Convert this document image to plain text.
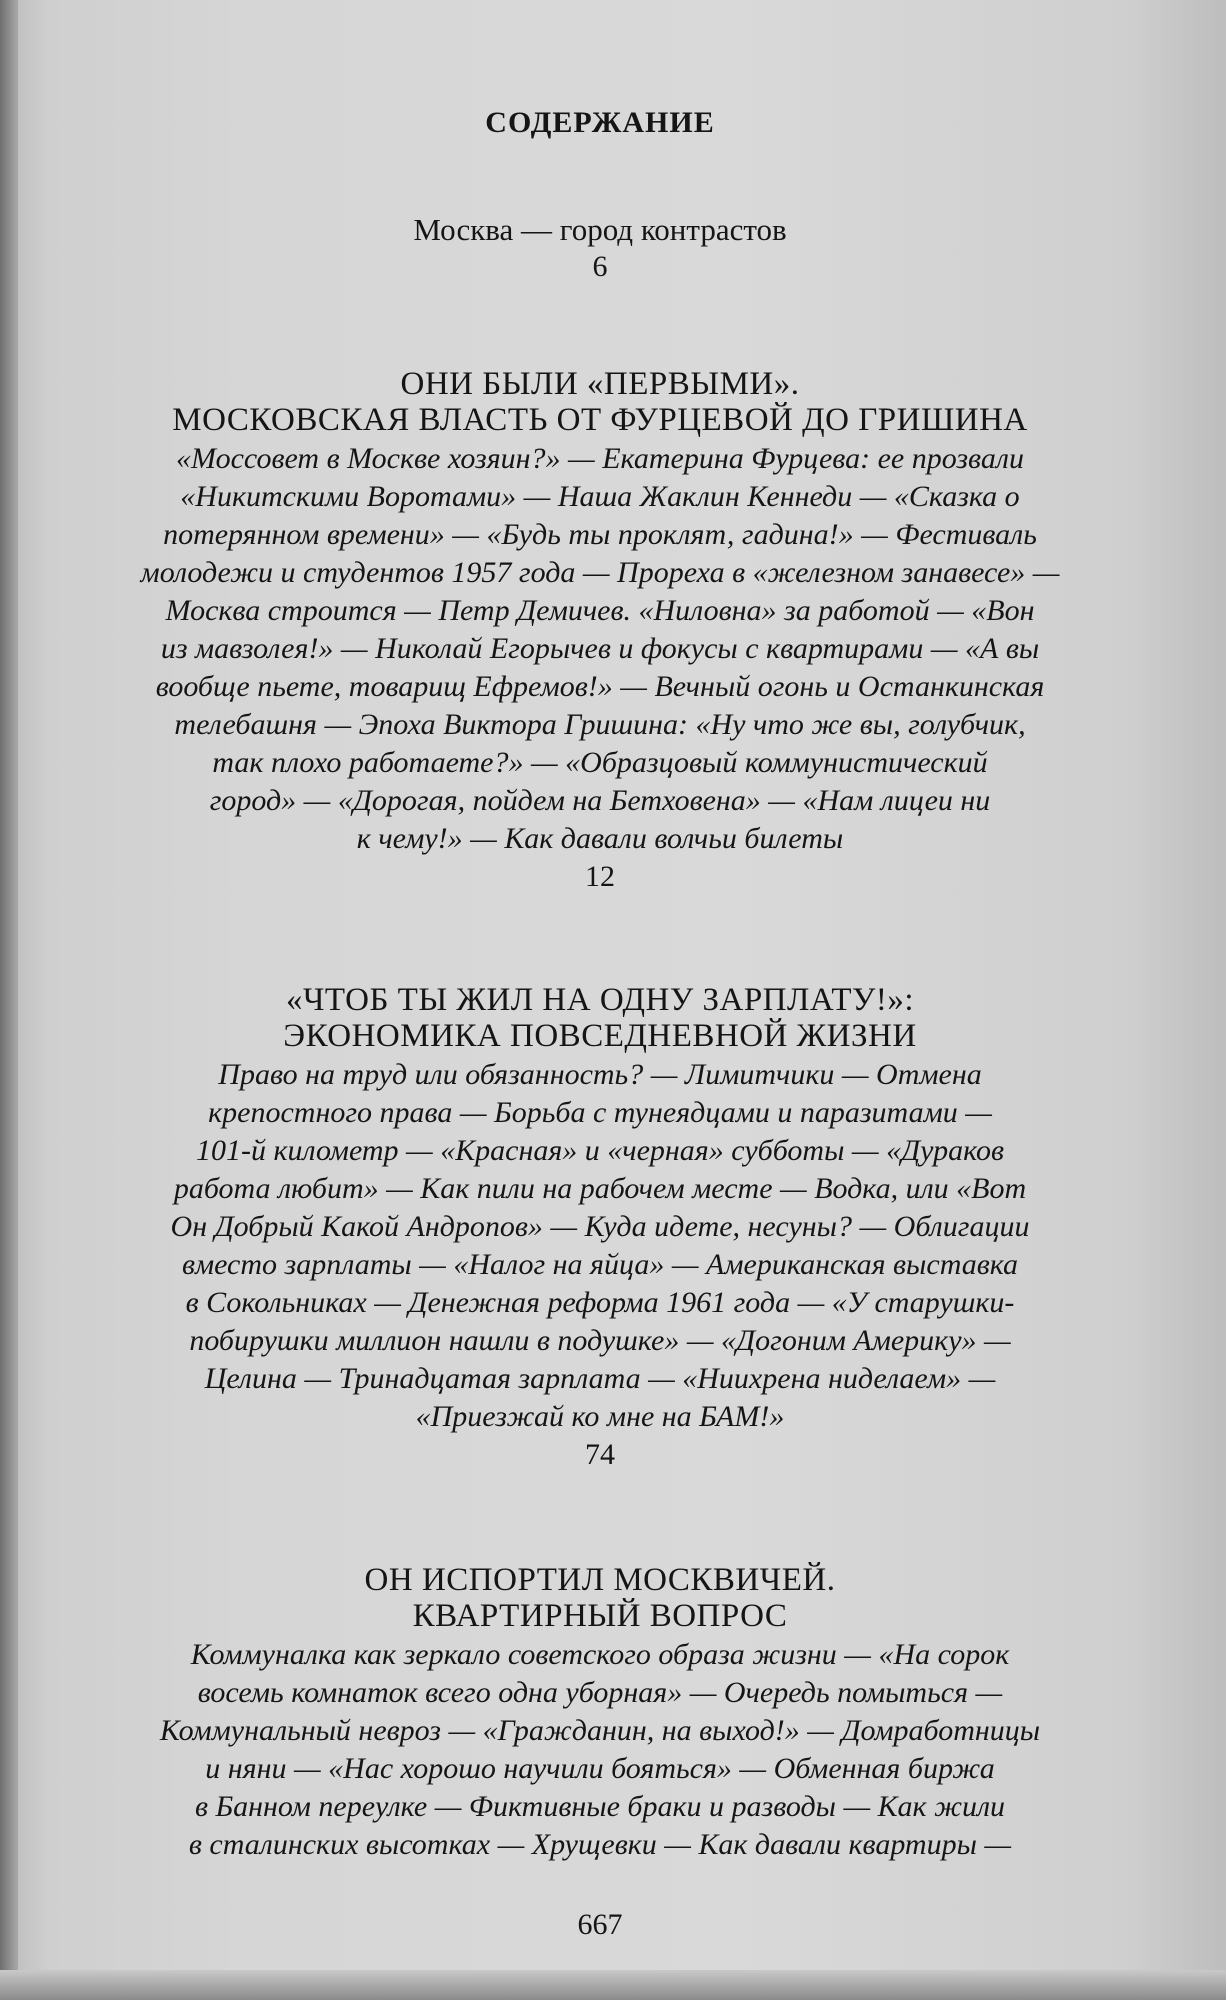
СОДЕРЖАНИЕ
Москва — город контрастов
6
ОНИ БЫЛИ «ПЕРВЫМИ».
МОСКОВСКАЯ ВЛАСТЬ ОТ ФУРЦЕВОЙ ДО ГРИШИНА
«Моссовет в Москве хозяин?» — Екатерина Фурцева: ее прозвали
«Никитскими Воротами» — Наша Жаклин Кеннеди — «Сказка о
потерянном времени» — «Будь ты проклят, гадина!» — Фестиваль
молодежи и студентов 1957 года — Прореха в «железном занавесе» —
Москва строится — Петр Демичев. «Ниловна» за работой — «Вон
из мавзолея!» — Николай Егорычев и фокусы с квартирами — «А вы
вообще пьете, товарищ Ефремов!» — Вечный огонь и Останкинская
телебашня — Эпоха Виктора Гришина: «Ну что же вы, голубчик,
так плохо работаете?» — «Образцовый коммунистический
город» — «Дорогая, пойдем на Бетховена» — «Нам лицеи ни
к чему!» — Как давали волчьи билеты
12
«ЧТОБ ТЫ ЖИЛ НА ОДНУ ЗАРПЛАТУ!»:
ЭКОНОМИКА ПОВСЕДНЕВНОЙ ЖИЗНИ
Право на труд или обязанность? — Лимитчики — Отмена
крепостного права — Борьба с тунеядцами и паразитами —
101-й километр — «Красная» и «черная» субботы — «Дураков
работа любит» — Как пили на рабочем месте — Водка, или «Вот
Он Добрый Какой Андропов» — Куда идете, несуны? — Облигации
вместо зарплаты — «Налог на яйца» — Американская выставка
в Сокольниках — Денежная реформа 1961 года — «У старушки-
побирушки миллион нашли в подушке» — «Догоним Америку» —
Целина — Тринадцатая зарплата — «Ниихрена ниделаем» —
«Приезжай ко мне на БАМ!»
74
ОН ИСПОРТИЛ МОСКВИЧЕЙ.
КВАРТИРНЫЙ ВОПРОС
Коммуналка как зеркало советского образа жизни — «На сорок
восемь комнаток всего одна уборная» — Очередь помыться —
Коммунальный невроз — «Гражданин, на выход!» — Домработницы
и няни — «Нас хорошо научили бояться» — Обменная биржа
в Банном переулке — Фиктивные браки и разводы — Как жили
в сталинских высотках — Хрущевки — Как давали квартиры —
667
